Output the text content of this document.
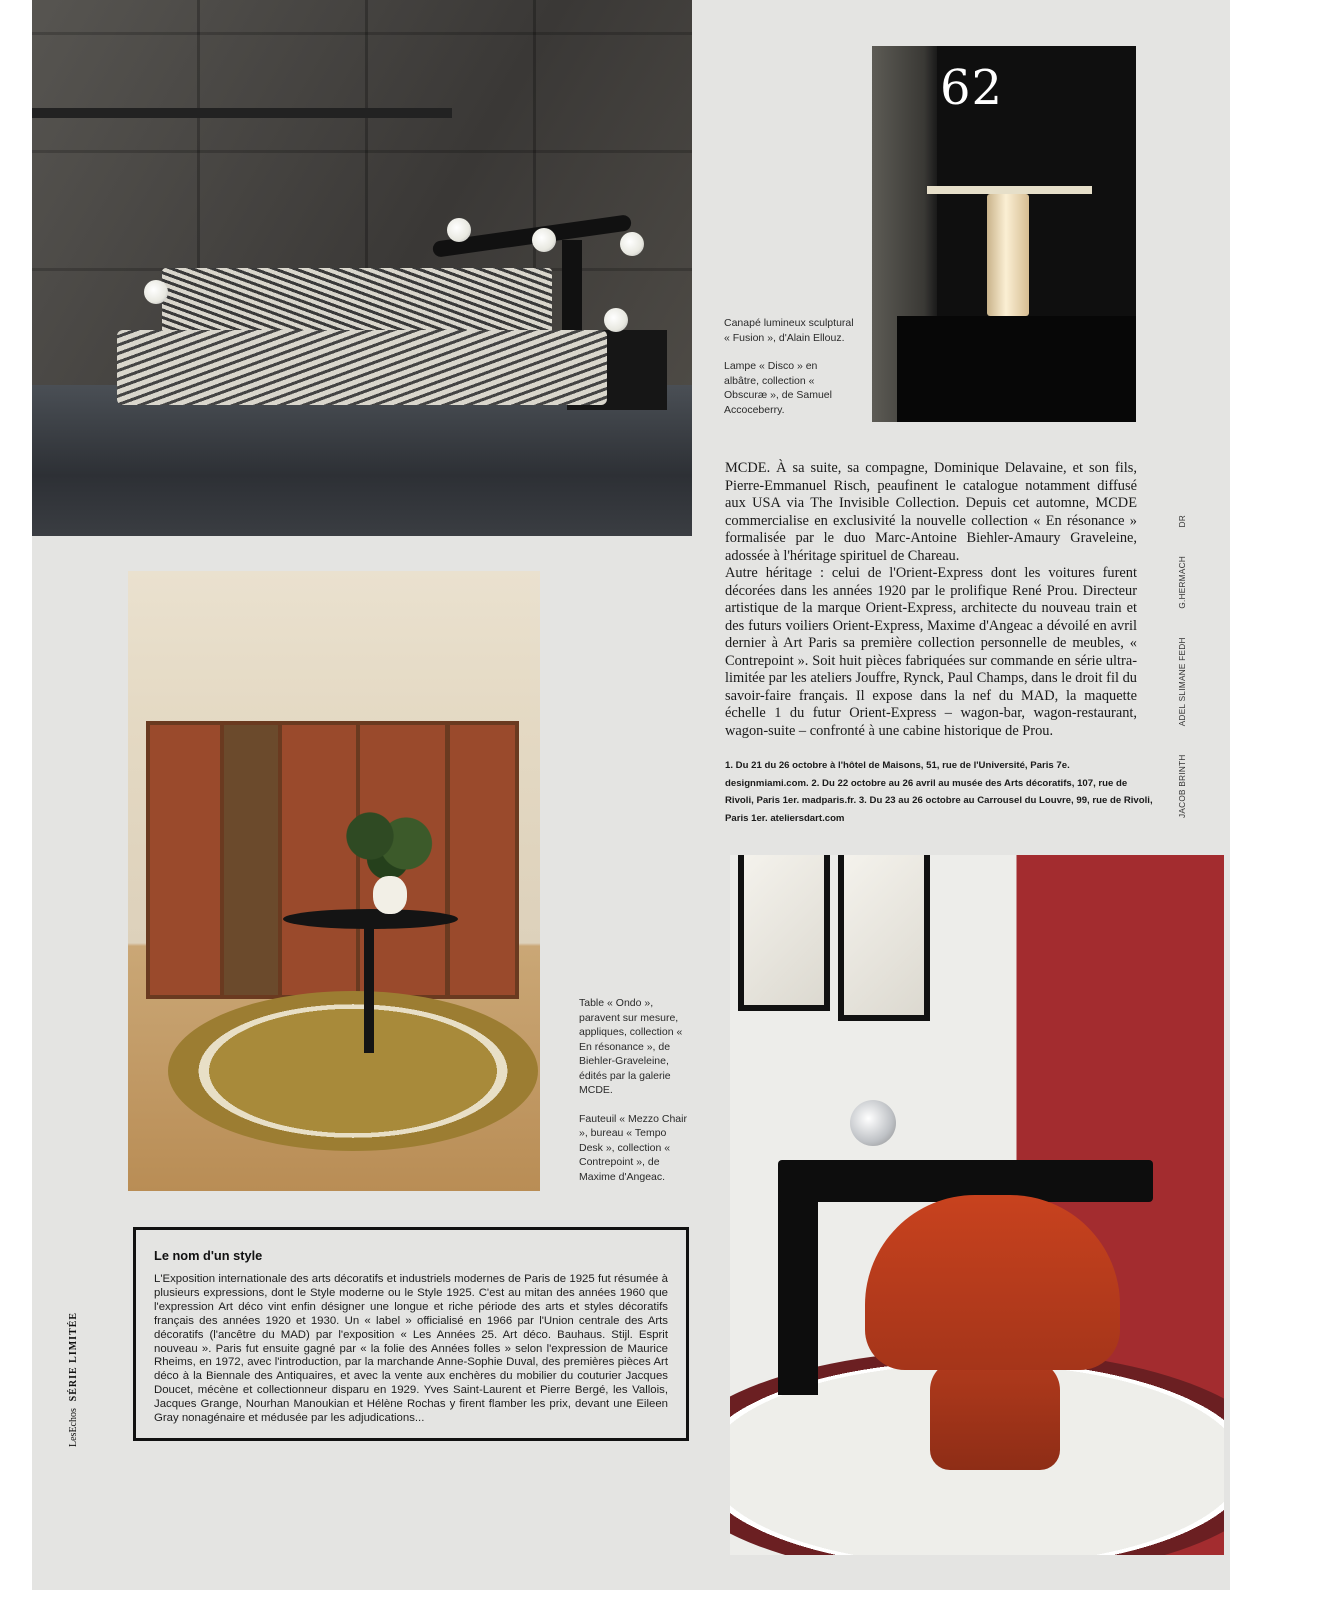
62

Canapé lumineux sculptural « Fusion », d'Alain Ellouz.

Lampe « Disco » en albâtre, collection « Obscuræ », de Samuel Accoceberry.

MCDE. À sa suite, sa compagne, Dominique Delavaine, et son fils, Pierre-Emmanuel Risch, peaufinent le catalogue notamment diffusé aux USA via The Invisible Collection. Depuis cet automne, MCDE commercialise en exclusivité la nouvelle collection « En résonance » formalisée par le duo Marc-Antoine Biehler-Amaury Graveleine, adossée à l'héritage spirituel de Chareau.

Autre héritage : celui de l'Orient-Express dont les voitures furent décorées dans les années 1920 par le prolifique René Prou. Directeur artistique de la marque Orient-Express, architecte du nouveau train et des futurs voiliers Orient-Express, Maxime d'Angeac a dévoilé en avril dernier à Art Paris sa première collection personnelle de meubles, « Contrepoint ». Soit huit pièces fabriquées sur commande en série ultra-limitée par les ateliers Jouffre, Rynck, Paul Champs, dans le droit fil du savoir-faire français. Il expose dans la nef du MAD, la maquette échelle 1 du futur Orient-Express – wagon-bar, wagon-restaurant, wagon-suite – confronté à une cabine historique de Prou.

1. Du 21 du 26 octobre à l'hôtel de Maisons, 51, rue de l'Université, Paris 7e. designmiami.com. 2. Du 22 octobre au 26 avril au musée des Arts décoratifs, 107, rue de Rivoli, Paris 1er. madparis.fr. 3. Du 23 au 26 octobre au Carrousel du Louvre, 99, rue de Rivoli, Paris 1er. ateliersdart.com	JACOB BRINTH ADEL SLIMANE FEDH G.HERMACH DR

Table « Ondo », paravent sur mesure, appliques, collection « En résonance », de Biehler-Graveleine, édités par la galerie MCDE.

Fauteuil « Mezzo Chair », bureau « Tempo Desk », collection « Contrepoint », de Maxime d'Angeac.

Le nom d'un style

L'Exposition internationale des arts décoratifs et industriels modernes de Paris de 1925 fut résumée à plusieurs expressions, dont le Style moderne ou le Style 1925. C'est au mitan des années 1960 que l'expression Art déco vint enfin désigner une longue et riche période des arts et styles décoratifs français des années 1920 et 1930. Un « label » officialisé en 1966 par l'Union centrale des Arts décoratifs (l'ancêtre du MAD) par l'exposition « Les Années 25. Art déco. Bauhaus. Stijl. Esprit nouveau ». Paris fut ensuite gagné par « la folie des Années folles » selon l'expression de Maurice Rheims, en 1972, avec l'introduction, par la marchande Anne-Sophie Duval, des premières pièces Art déco à la Biennale des Antiquaires, et avec la vente aux enchères du mobilier du couturier Jacques Doucet, mécène et collectionneur disparu en 1929. Yves Saint-Laurent et Pierre Bergé, les Vallois, Jacques Grange, Nourhan Manoukian et Hélène Rochas y firent flamber les prix, devant une Eileen Gray nonagénaire et médusée par les adjudications...

LesEchos SÉRIE LIMITÉE
